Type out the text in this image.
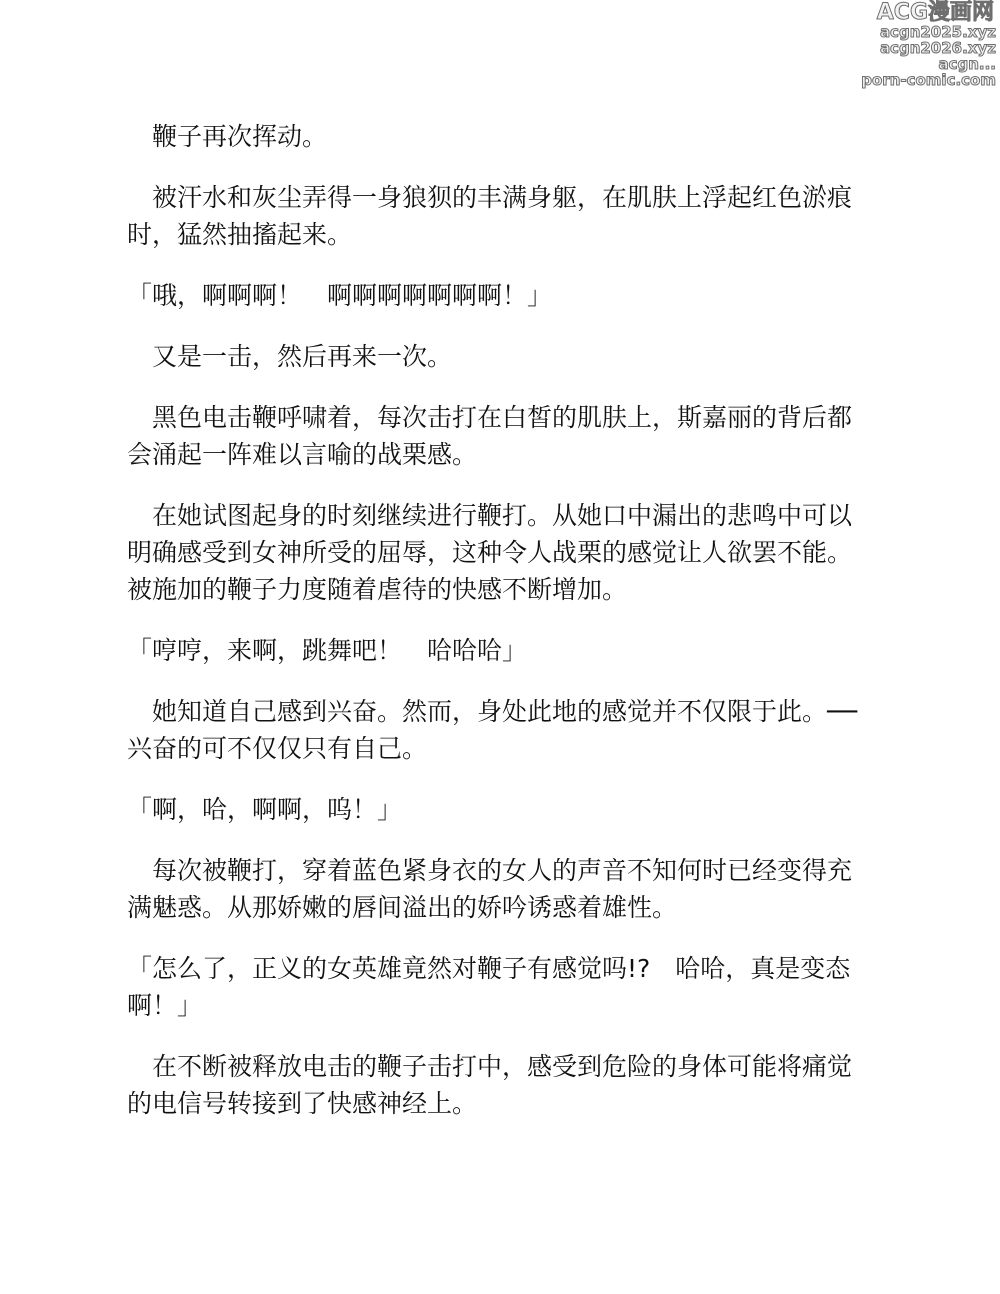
ACG漫画网
acgn2025.xyz
acgn2026.xyz
acgn...
porn-comic.com

鞭子再次挥动。

被汗水和灰尘弄得一身狼狈的丰满身躯，在肌肤上浮起红色淤痕时，猛然抽搐起来。

「哦，啊啊啊！　啊啊啊啊啊啊啊！」

又是一击，然后再来一次。

黑色电击鞭呼啸着，每次击打在白皙的肌肤上，斯嘉丽的背后都会涌起一阵难以言喻的战栗感。

在她试图起身的时刻继续进行鞭打。从她口中漏出的悲鸣中可以明确感受到女神所受的屈辱，这种令人战栗的感觉让人欲罢不能。被施加的鞭子力度随着虐待的快感不断增加。

「哼哼，来啊，跳舞吧！　哈哈哈」

她知道自己感到兴奋。然而，身处此地的感觉并不仅限于此。──兴奋的可不仅仅只有自己。

「啊，哈，啊啊，呜！」

每次被鞭打，穿着蓝色紧身衣的女人的声音不知何时已经变得充满魅惑。从那娇嫩的唇间溢出的娇吟诱惑着雄性。

「怎么了，正义的女英雄竟然对鞭子有感觉吗!?　哈哈，真是变态啊！」

在不断被释放电击的鞭子击打中，感受到危险的身体可能将痛觉的电信号转接到了快感神经上。
